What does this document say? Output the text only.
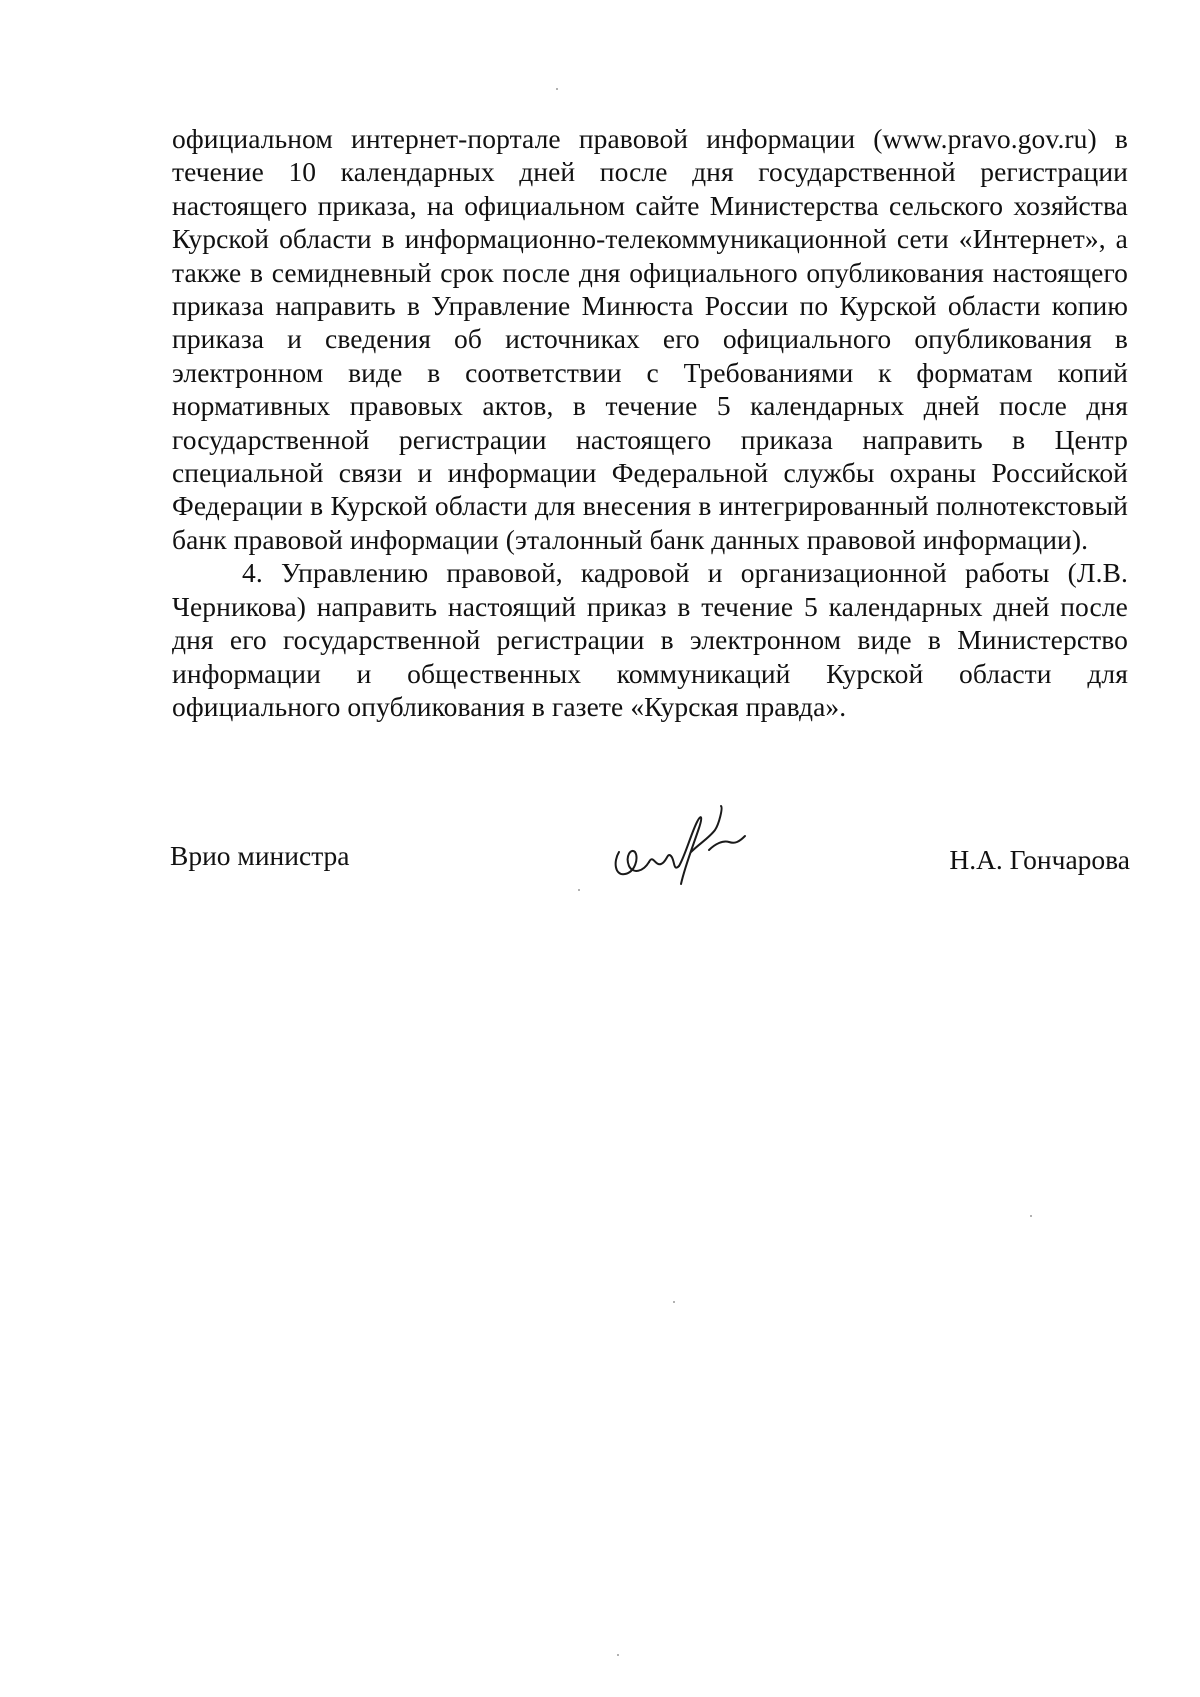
официальном интернет-портале правовой информации (www.pravo.gov.ru) в течение 10 календарных дней после дня государственной регистрации настоящего приказа, на официальном сайте Министерства сельского хозяйства Курской области в информационно-телекоммуникационной сети «Интернет», а также в семидневный срок после дня официального опубликования настоящего приказа направить в Управление Минюста России по Курской области копию приказа и сведения об источниках его официального опубликования в электронном виде в соответствии с Требованиями к форматам копий нормативных правовых актов, в течение 5 календарных дней после дня государственной регистрации настоящего приказа направить в Центр специальной связи и информации Федеральной службы охраны Российской Федерации в Курской области для внесения в интегрированный полнотекстовый банк правовой информации (эталонный банк данных правовой информации).

4. Управлению правовой, кадровой и организационной работы (Л.В. Черникова) направить настоящий приказ в течение 5 календарных дней после дня его государственной регистрации в электронном виде в Министерство информации и общественных коммуникаций Курской области для официального опубликования в газете «Курская правда».

Врио министра	Н.А. Гончарова
